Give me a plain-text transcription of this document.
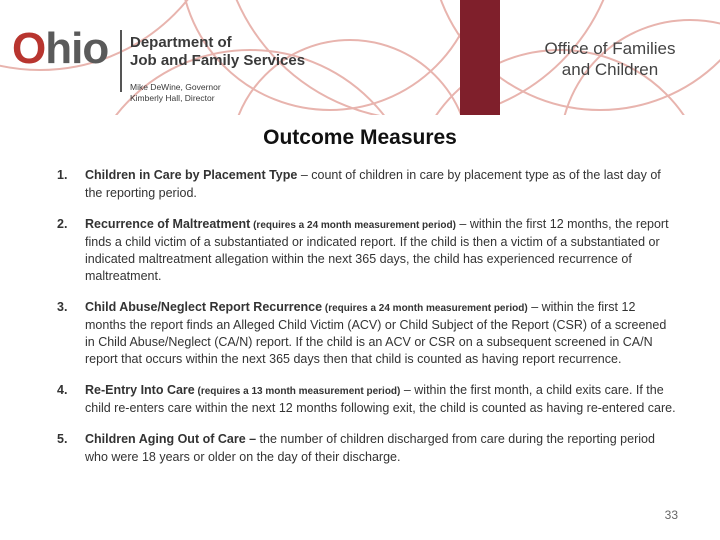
Ohio Department of
Job and Family Services
Mike DeWine, Governor
Kimberly Hall, Director
Office of Families
and Children
Outcome Measures
1. Children in Care by Placement Type – count of children in care by placement type as of the last day of the reporting period.
2. Recurrence of Maltreatment (requires a 24 month measurement period) – within the first 12 months, the report finds a child victim of a substantiated or indicated report. If the child is then a victim of a substantiated or indicated maltreatment allegation within the next 365 days, the child has experienced recurrence of maltreatment.
3. Child Abuse/Neglect Report Recurrence (requires a 24 month measurement period) – within the first 12 months the report finds an Alleged Child Victim (ACV) or Child Subject of the Report (CSR) of a screened in Child Abuse/Neglect (CA/N) report. If the child is an ACV or CSR on a subsequent screened in CA/N report that occurs within the next 365 days then that child is counted as having report recurrence.
4. Re-Entry Into Care (requires a 13 month measurement period) – within the first month, a child exits care. If the child re-enters care within the next 12 months following exit, the child is counted as having re-entered care.
5. Children Aging Out of Care – the number of children discharged from care during the reporting period who were 18 years or older on the day of their discharge.
33
